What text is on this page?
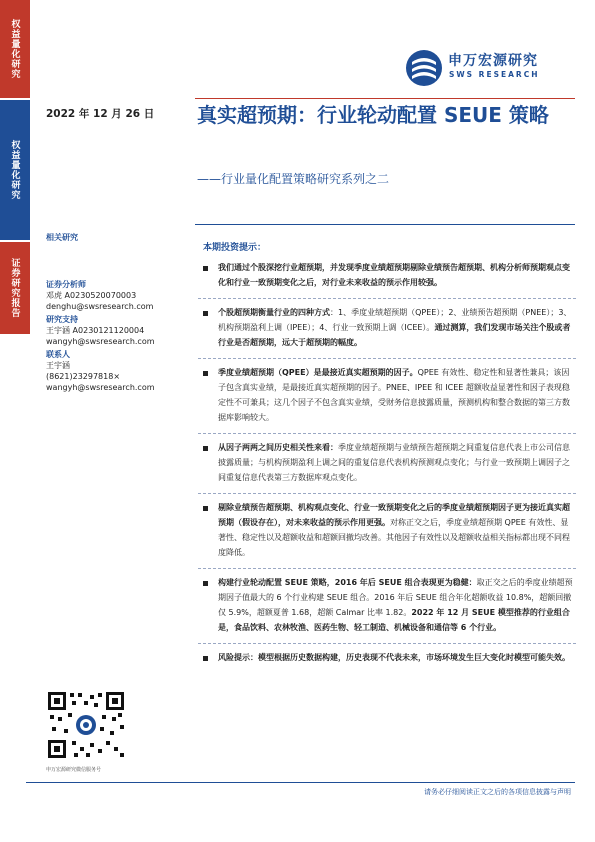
权益量化研究
权益量化研究
证券研究报告
申万宏源研究
SWS RESEARCH
2022 年 12 月 26 日 真实超预期：行业轮动配置 SEUE 策略
——行业量化配置策略研究系列之二
相关研究
证券分析师
邓虎 A0230520070003
denghu@swsresearch.com
研究支持
王宇涵 A0230121120004
wangyh@swsresearch.com
联系人
王宇涵
(8621)23297818×
wangyh@swsresearch.com
本期投资提示：
我们通过个股深挖行业超预期，并发现季度业绩超预期剔除业绩预告超预期、机构分析师预期观点变化和行业一致预期变化之后，对行业未来收益的预示作用较强。
个股超预期衡量行业的四种方式：1、季度业绩超预期（QPEE）；2、业绩预告超预期（PNEE）；3、机构预期盈利上调（IPEE）；4、行业一致预期上调（ICEE）。通过测算，我们发现市场关注个股或者行业是否超预期，远大于超预期的幅度。
季度业绩超预期（QPEE）是最接近真实超预期的因子。QPEE 有效性、稳定性和显著性兼具；该因子包含真实业绩，是最接近真实超预期的因子。PNEE、IPEE 和 ICEE 超额收益显著性和因子表现稳定性不可兼具；这几个因子不包含真实业绩，受财务信息披露质量，预测机构和整合数据的第三方数据库影响较大。
从因子两两之间历史相关性来看：季度业绩超预期与业绩预告超预期之间重复信息代表上市公司信息披露质量；与机构预期盈利上调之间的重复信息代表机构预测观点变化；与行业一致预期上调因子之间重复信息代表第三方数据库观点变化。
剔除业绩预告超预期、机构观点变化、行业一致预期变化之后的季度业绩超预期因子更为接近真实超预期（假设存在），对未来收益的预示作用更强。对称正交之后，季度业绩超预期 QPEE 有效性、显著性、稳定性以及超额收益和超额回撤均改善。其他因子有效性以及超额收益相关指标都出现不同程度降低。
构建行业轮动配置 SEUE 策略，2016 年后 SEUE 组合表现更为稳健：取正交之后的季度业绩超预期因子值最大的 6 个行业构建 SEUE 组合。2016 年后 SEUE 组合年化超额收益 10.8%，超额回撤仅 5.9%，超额夏普 1.68，超额 Calmar 比率 1.82。2022 年 12 月 SEUE 模型推荐的行业组合是，食品饮料、农林牧渔、医药生物、轻工制造、机械设备和通信等 6 个行业。
风险提示：模型根据历史数据构建，历史表现不代表未来，市场环境发生巨大变化时模型可能失效。
申万宏源研究微信服务号
请务必仔细阅读正文之后的各项信息披露与声明
